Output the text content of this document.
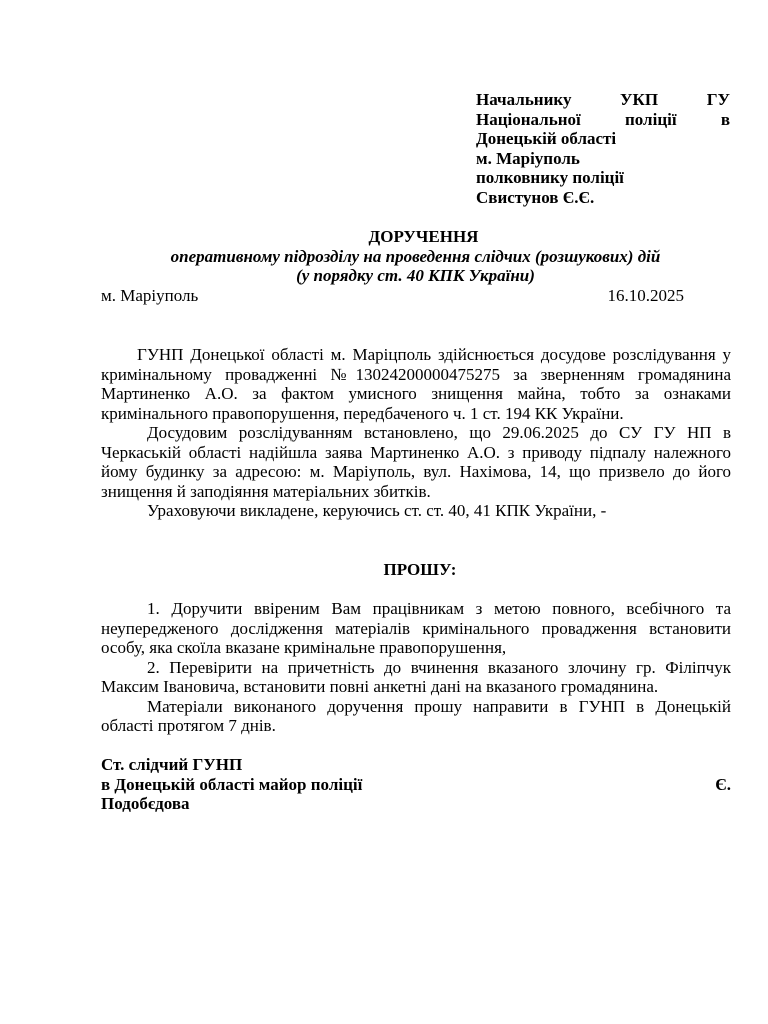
Начальнику УКП ГУ
Національної поліції в
Донецькій області
м. Маріуполь
полковнику поліції
Свистунов Є.Є.
ДОРУЧЕННЯ
оперативному підрозділу на проведення слідчих (розшукових) дій
(у порядку ст. 40 КПК України)
м. Маріуполь	16.10.2025

ГУНП Донецької області м. Маріцполь здійснюється досудове розслідування у кримінальному провадженні №13024200000475275 за зверненням громадянина Мартиненко А.О. за фактом умисного знищення майна, тобто за ознаками кримінального правопорушення, передбаченого ч. 1 ст. 194 КК України.

Досудовим розслідуванням встановлено, що 29.06.2025 до СУ ГУ НП в Черкаській області надійшла заява Мартиненко А.О. з приводу підпалу належного йому будинку за адресою: м. Маріуполь, вул. Нахімова, 14, що призвело до його знищення й заподіяння матеріальних збитків.

Ураховуючи викладене, керуючись ст. ст. 40, 41 КПК України, -

ПРОШУ:

1. Доручити ввіреним Вам працівникам з метою повного, всебічного та неупередженого дослідження матеріалів кримінального провадження встановити особу, яка скоїла вказане кримінальне правопорушення,

2. Перевірити на причетність до вчинення вказаного злочину гр. Філіпчук Максим Івановича, встановити повні анкетні дані на вказаного громадянина.

Матеріали виконаного доручення прошу направити в ГУНП в Донецькій області протягом 7 днів.

Ст. слідчий ГУНП
в Донецькій області майор поліції	Є.
Подобєдова
